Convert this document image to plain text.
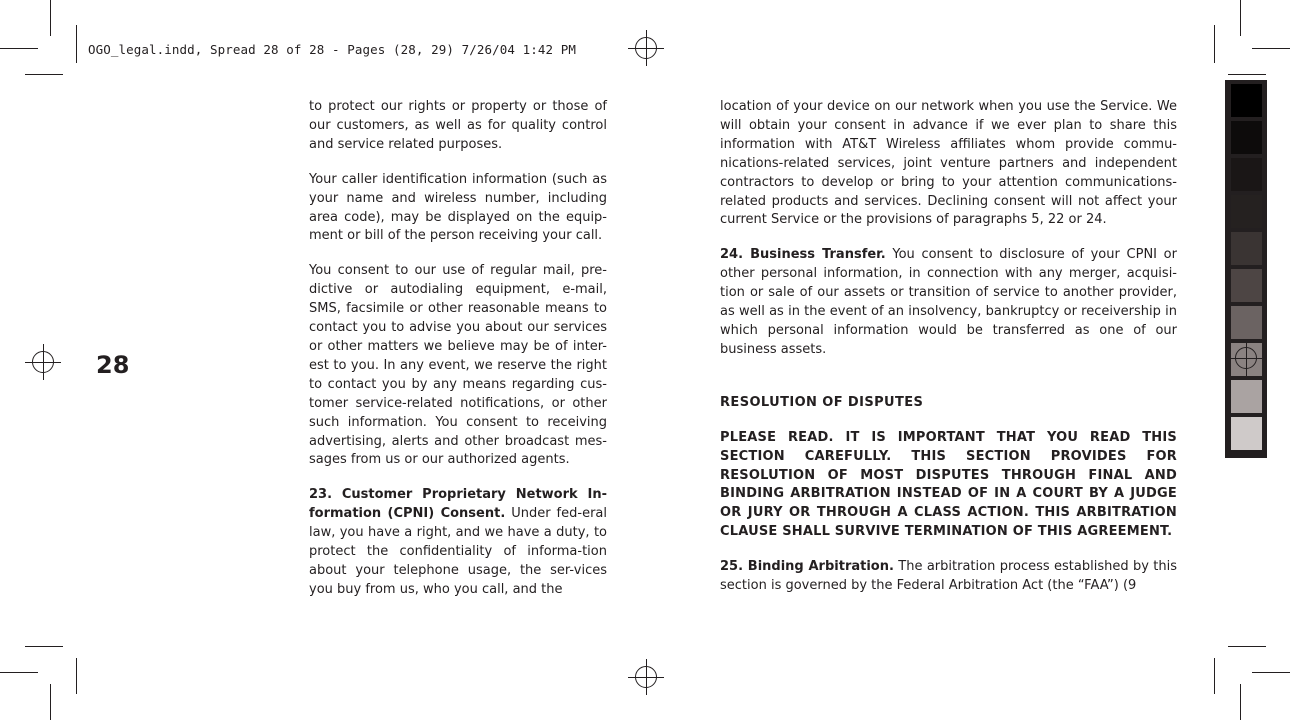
OGO_legal.indd, Spread 28 of 28 - Pages (28, 29) 7/26/04 1:42 PM
28

to protect our rights or property or those of our customers, as well as for quality control and service related purposes.

Your caller identification information (such as your name and wireless number, including area code), may be displayed on the equip-ment or bill of the person receiving your call.

You consent to our use of regular mail, pre-dictive or autodialing equipment, e-mail, SMS, facsimile or other reasonable means to contact you to advise you about our services or other matters we believe may be of inter-est to you. In any event, we reserve the right to contact you by any means regarding cus-tomer service-related notifications, or other such information. You consent to receiving advertising, alerts and other broadcast mes-sages from us or our authorized agents.

23. Customer Proprietary Network In-formation (CPNI) Consent. Under fed-eral law, you have a right, and we have a duty, to protect the confidentiality of informa-tion about your telephone usage, the ser-vices you buy from us, who you call, and the

location of your device on our network when you use the Service. We will obtain your consent in advance if we ever plan to share this information with AT&T Wireless affiliates whom provide commu-nications-related services, joint venture partners and independent contractors to develop or bring to your attention communications-related products and services. Declining consent will not affect your current Service or the provisions of paragraphs 5, 22 or 24.

24. Business Transfer. You consent to disclosure of your CPNI or other personal information, in connection with any merger, acquisi-tion or sale of our assets or transition of service to another provider, as well as in the event of an insolvency, bankruptcy or receivership in which personal information would be transferred as one of our business assets.

RESOLUTION OF DISPUTES

PLEASE READ. IT IS IMPORTANT THAT YOU READ THIS SECTION CAREFULLY. THIS SECTION PROVIDES FOR RESOLUTION OF MOST DISPUTES THROUGH FINAL AND BINDING ARBITRATION INSTEAD OF IN A COURT BY A JUDGE OR JURY OR THROUGH A CLASS ACTION. THIS ARBITRATION CLAUSE SHALL SURVIVE TERMINATION OF THIS AGREEMENT.

25. Binding Arbitration. The arbitration process established by this section is governed by the Federal Arbitration Act (the “FAA”) (9
